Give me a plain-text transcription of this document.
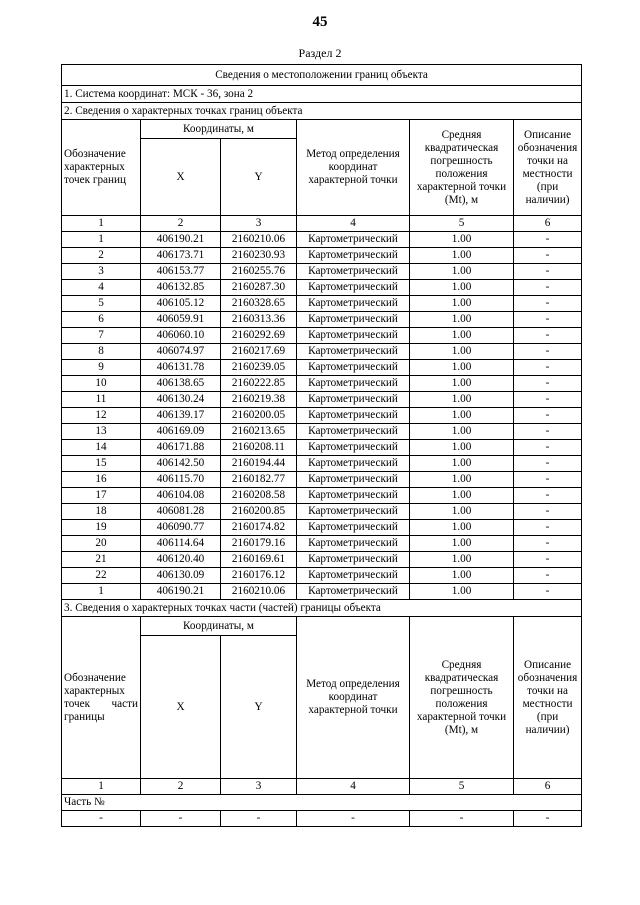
45
Раздел 2
Сведения о местоположении границ объекта					
1. Система координат: МСК - 36, зона 2					
2. Сведения о характерных точках границ объекта					
Обозначение характерных точек границ	Координаты, м		Метод определения координат характерной точки	Средняя квадратическая погрешность положения характерной точки (Mt), м	Описание обозначения точки на местности (при наличии)
	X	Y			
1	2	3	4	5	6
1	406190.21	2160210.06	Картометрический	1.00	-
2	406173.71	2160230.93	Картометрический	1.00	-
3	406153.77	2160255.76	Картометрический	1.00	-
4	406132.85	2160287.30	Картометрический	1.00	-
5	406105.12	2160328.65	Картометрический	1.00	-
6	406059.91	2160313.36	Картометрический	1.00	-
7	406060.10	2160292.69	Картометрический	1.00	-
8	406074.97	2160217.69	Картометрический	1.00	-
9	406131.78	2160239.05	Картометрический	1.00	-
10	406138.65	2160222.85	Картометрический	1.00	-
11	406130.24	2160219.38	Картометрический	1.00	-
12	406139.17	2160200.05	Картометрический	1.00	-
13	406169.09	2160213.65	Картометрический	1.00	-
14	406171.88	2160208.11	Картометрический	1.00	-
15	406142.50	2160194.44	Картометрический	1.00	-
16	406115.70	2160182.77	Картометрический	1.00	-
17	406104.08	2160208.58	Картометрический	1.00	-
18	406081.28	2160200.85	Картометрический	1.00	-
19	406090.77	2160174.82	Картометрический	1.00	-
20	406114.64	2160179.16	Картометрический	1.00	-
21	406120.40	2160169.61	Картометрический	1.00	-
22	406130.09	2160176.12	Картометрический	1.00	-
1	406190.21	2160210.06	Картометрический	1.00	-
3. Сведения о характерных точках части (частей) границы объекта					
Обозначение характерных точек части границы	Координаты, м		Метод определения координат характерной точки	Средняя квадратическая погрешность положения характерной точки (Mt), м	Описание обозначения точки на местности (при наличии)
	X	Y			
1	2	3	4	5	6
Часть №					
-	-	-	-	-	-
